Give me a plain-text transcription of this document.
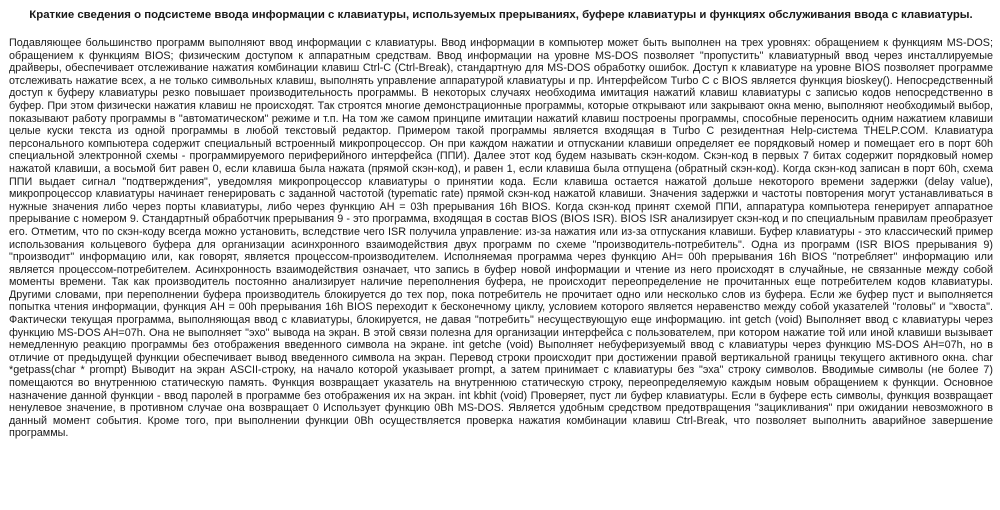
Краткие сведения о подсистеме ввода информации с клавиатуры, используемых прерываниях, буфере клавиатуры и функциях обслуживания ввода с клавиатуры.

Подавляющее большинство программ выполняют ввод информации с клавиатуры. Ввод информации в компьютер может быть выполнен на трех уровнях: обращением к функциям MS-DOS; обращением к функциям BIOS; физическим доступом к аппаратным средствам. Ввод информации на уровне MS-DOS позволяет "пропустить" клавиатурный ввод через инсталлируемые драйверы, обеспечивает отслеживание нажатия комбинации клавиш Ctrl-C (Ctrl-Break), стандартную для MS-DOS обработку ошибок. Доступ к клавиатуре на уровне BIOS позволяет программе отслеживать нажатие всех, а не только символьных клавиш, выполнять управление аппаратурой клавиатуры и пр. Интерфейсом Turbo C с BIOS является функция bioskey(). Непосредственный доступ к буферу клавиатуры резко повышает производительность программы. В некоторых случаях необходима имитация нажатий клавиш клавиатуры с записью кодов непосредственно в буфер. При этом физически нажатия клавиш не происходят. Так строятся многие демонстрационные программы, которые открывают или закрывают окна меню, выполняют необходимый выбор, показывают работу программы в "автоматическом" режиме и т.п. На том же самом принципе имитации нажатий клавиш построены программы, способные переносить одним нажатием клавиши целые куски текста из одной программы в любой текстовый редактор. Примером такой программы является входящая в Turbo C резидентная Help-система THELP.COM. Клавиатура персонального компьютера содержит специальный встроенный микропроцессор. Он при каждом нажатии и отпускании клавиши определяет ее порядковый номер и помещает его в порт 60h специальной электронной схемы - программируемого периферийного интерфейса (ППИ). Далее этот код будем называть скэн-кодом. Скэн-код в первых 7 битах содержит порядковый номер нажатой клавиши, а восьмой бит равен 0, если клавиша была нажата (прямой скэн-код), и равен 1, если клавиша была отпущена (обратный скэн-код). Когда скэн-код записан в порт 60h, схема ППИ выдает сигнал "подтверждения", уведомляя микропроцессор клавиатуры о принятии кода. Если клавиша остается нажатой дольше некоторого времени задержки (delay value), микропроцессор клавиатуры начинает генерировать с заданной частотой (typematic rate) прямой скэн-код нажатой клавиши. Значения задержки и частоты повторения могут устанавливаться в нужные значения либо через порты клавиатуры, либо через функцию AH = 03h прерывания 16h BIOS. Когда скэн-код принят схемой ППИ, аппаратура компьютера генерирует аппаратное прерывание с номером 9. Стандартный обработчик прерывания 9 - это программа, входящая в состав BIOS (BIOS ISR). BIOS ISR анализирует скэн-код и по специальным правилам преобразует его. Отметим, что по скэн-коду всегда можно установить, вследствие чего ISR получила управление: из-за нажатия или из-за отпускания клавиши. Буфер клавиатуры - это классический пример использования кольцевого буфера для организации асинхронного взаимодействия двух программ по схеме "производитель-потребитель". Одна из программ (ISR BIOS прерывания 9) "производит" информацию или, как говорят, является процессом-производителем. Исполняемая программа через функцию AH= 00h прерывания 16h BIOS "потребляет" информацию или является процессом-потребителем. Асинхронность взаимодействия означает, что запись в буфер новой информации и чтение из него происходят в случайные, не связанные между собой моменты времени. Так как производитель постоянно анализирует наличие переполнения буфера, не происходит переопределение не прочитанных еще потребителем кодов клавиатуры. Другими словами, при переполнении буфера производитель блокируется до тех пор, пока потребитель не прочитает одно или несколько слов из буфера. Если же буфер пуст и выполняется попытка чтения информации, функция AH = 00h прерывания 16h BIOS переходит к бесконечному циклу, условием которого является неравенство между собой указателей "головы" и "хвоста". Фактически текущая программа, выполняющая ввод с клавиатуры, блокируется, не давая "потребить" несуществующую еще информацию. int getch (void) Выполняет ввод с клавиатуры через функцию MS-DOS AH=07h. Она не выполняет "эхо" вывода на экран. В этой связи полезна для организации интерфейса с пользователем, при котором нажатие той или иной клавиши вызывает немедленную реакцию программы без отображения введенного символа на экране. int getche (void) Выполняет небуферизуемый ввод с клавиатуры через функцию MS-DOS AH=07h, но в отличие от предыдущей функции обеспечивает вывод введенного символа на экран. Перевод строки происходит при достижении правой вертикальной границы текущего активного окна. char *getpass(char * prompt) Выводит на экран ASCII-строку, на начало которой указывает prompt, а затем принимает с клавиатуры без "эха" строку символов. Вводимые символы (не более 7) помещаются во внутреннюю статическую память. Функция возвращает указатель на внутреннюю статическую строку, переопределяемую каждым новым обращением к функции. Основное назначение данной функции - ввод паролей в программе без отображения их на экран. int kbhit (void) Проверяет, пуст ли буфер клавиатуры. Если в буфере есть символы, функция возвращает ненулевое значение, в противном случае она возвращает 0 Использует функцию 0Bh MS-DOS. Является удобным средством предотвращения "зацикливания" при ожидании невозможного в данный момент события. Кроме того, при выполнении функции 0Bh осуществляется проверка нажатия комбинации клавиш Ctrl-Break, что позволяет выполнить аварийное завершение программы.
